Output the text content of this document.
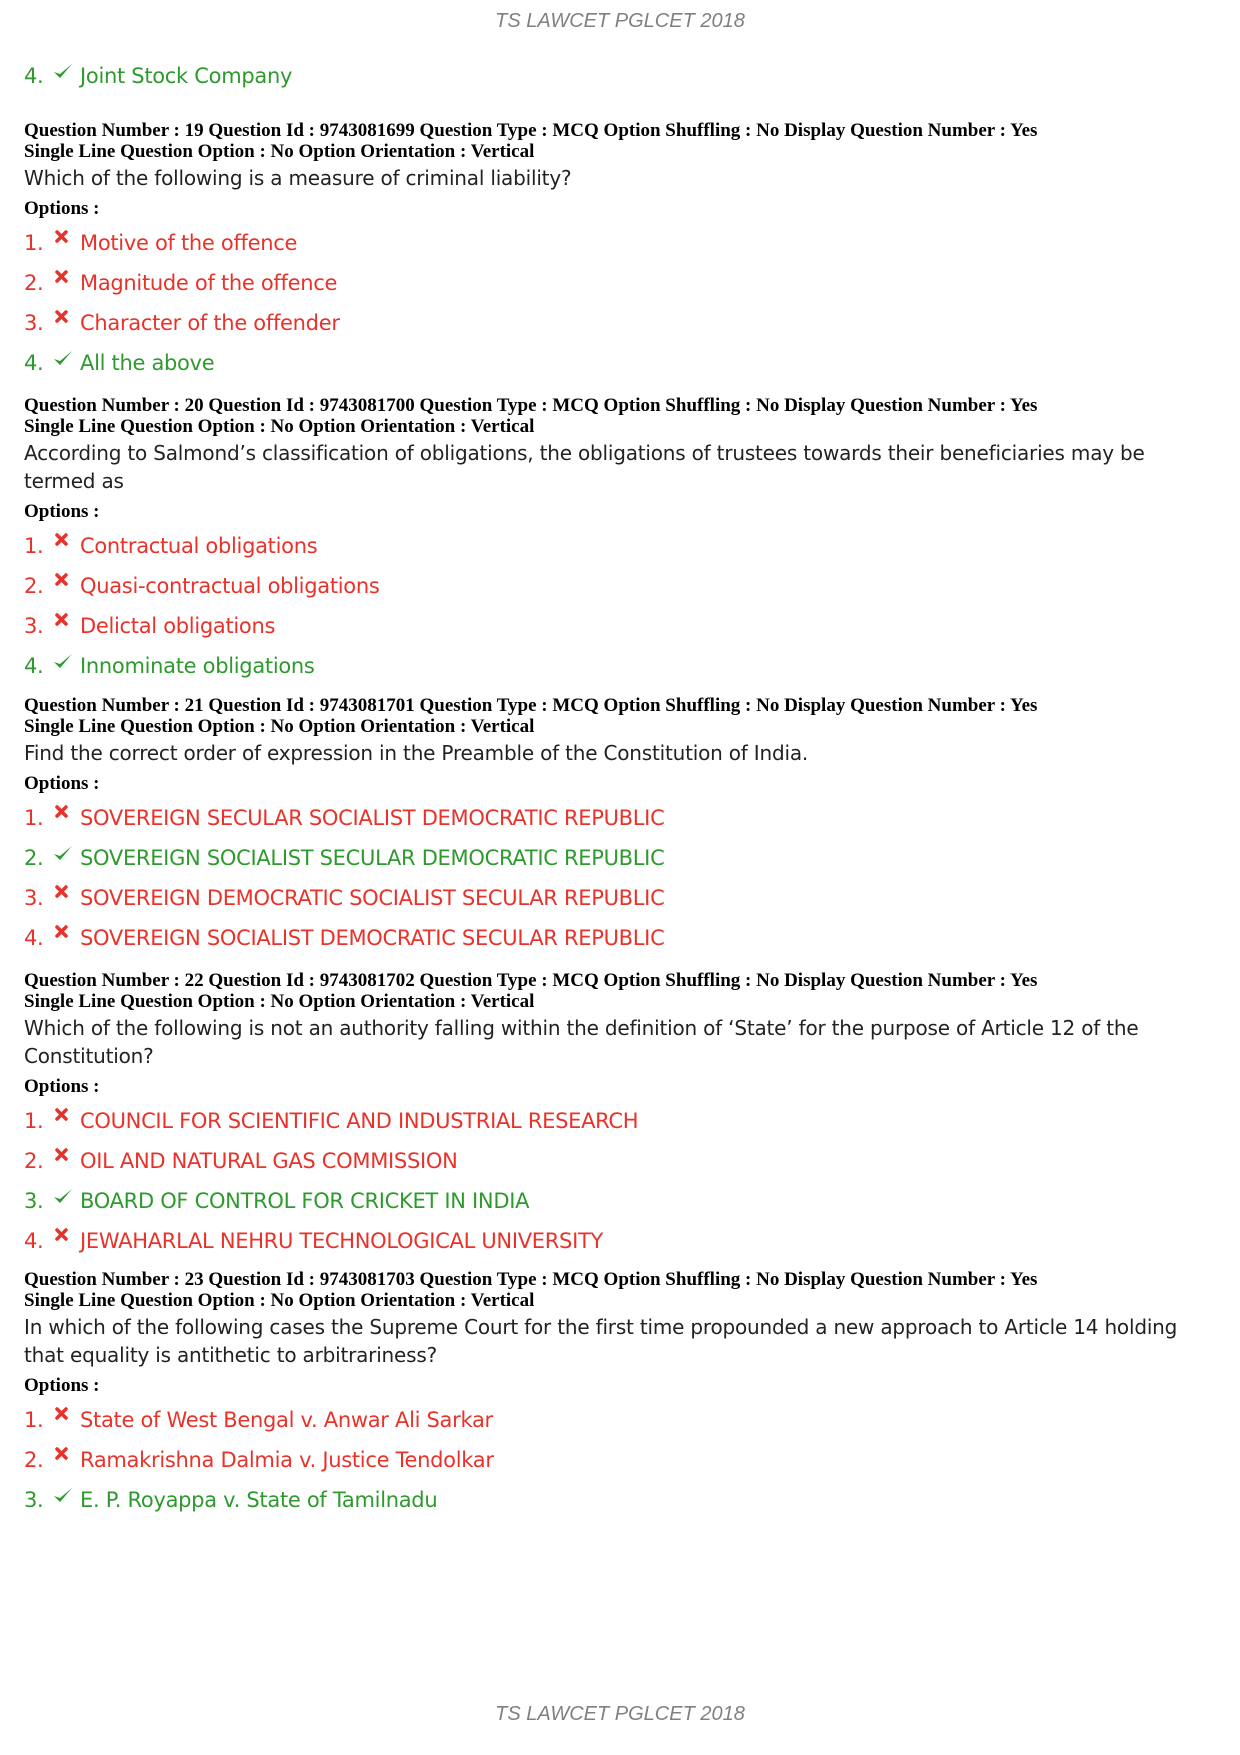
TS LAWCET PGLCET 2018
4.	Joint Stock Company
Question Number : 19 Question Id : 9743081699 Question Type : MCQ Option Shuffling : No Display Question Number : Yes
Single Line Question Option : No Option Orientation : Vertical
Which of the following is a measure of criminal liability?
Options :
1.	Motive of the offence
2.	Magnitude of the offence
3.	Character of the offender
4.	All the above
Question Number : 20 Question Id : 9743081700 Question Type : MCQ Option Shuffling : No Display Question Number : Yes
Single Line Question Option : No Option Orientation : Vertical
According to Salmond’s classification of obligations, the obligations of trustees towards their beneficiaries may be termed as
Options :
1.	Contractual obligations
2.	Quasi-contractual obligations
3.	Delictal obligations
4.	Innominate obligations
Question Number : 21 Question Id : 9743081701 Question Type : MCQ Option Shuffling : No Display Question Number : Yes
Single Line Question Option : No Option Orientation : Vertical
Find the correct order of expression in the Preamble of the Constitution of India.
Options :
1.	SOVEREIGN SECULAR SOCIALIST DEMOCRATIC REPUBLIC
2.	SOVEREIGN SOCIALIST SECULAR DEMOCRATIC REPUBLIC
3.	SOVEREIGN DEMOCRATIC SOCIALIST SECULAR REPUBLIC
4.	SOVEREIGN SOCIALIST DEMOCRATIC SECULAR REPUBLIC
Question Number : 22 Question Id : 9743081702 Question Type : MCQ Option Shuffling : No Display Question Number : Yes
Single Line Question Option : No Option Orientation : Vertical
Which of the following is not an authority falling within the definition of ‘State’ for the purpose of Article 12 of the Constitution?
Options :
1.	COUNCIL FOR SCIENTIFIC AND INDUSTRIAL RESEARCH
2.	OIL AND NATURAL GAS COMMISSION
3.	BOARD OF CONTROL FOR CRICKET IN INDIA
4.	JEWAHARLAL NEHRU TECHNOLOGICAL UNIVERSITY
Question Number : 23 Question Id : 9743081703 Question Type : MCQ Option Shuffling : No Display Question Number : Yes
Single Line Question Option : No Option Orientation : Vertical
In which of the following cases the Supreme Court for the first time propounded a new approach to Article 14 holding that equality is antithetic to arbitrariness?
Options :
1.	State of West Bengal v. Anwar Ali Sarkar
2.	Ramakrishna Dalmia v. Justice Tendolkar
3.	E. P. Royappa v. State of Tamilnadu
TS LAWCET PGLCET 2018
